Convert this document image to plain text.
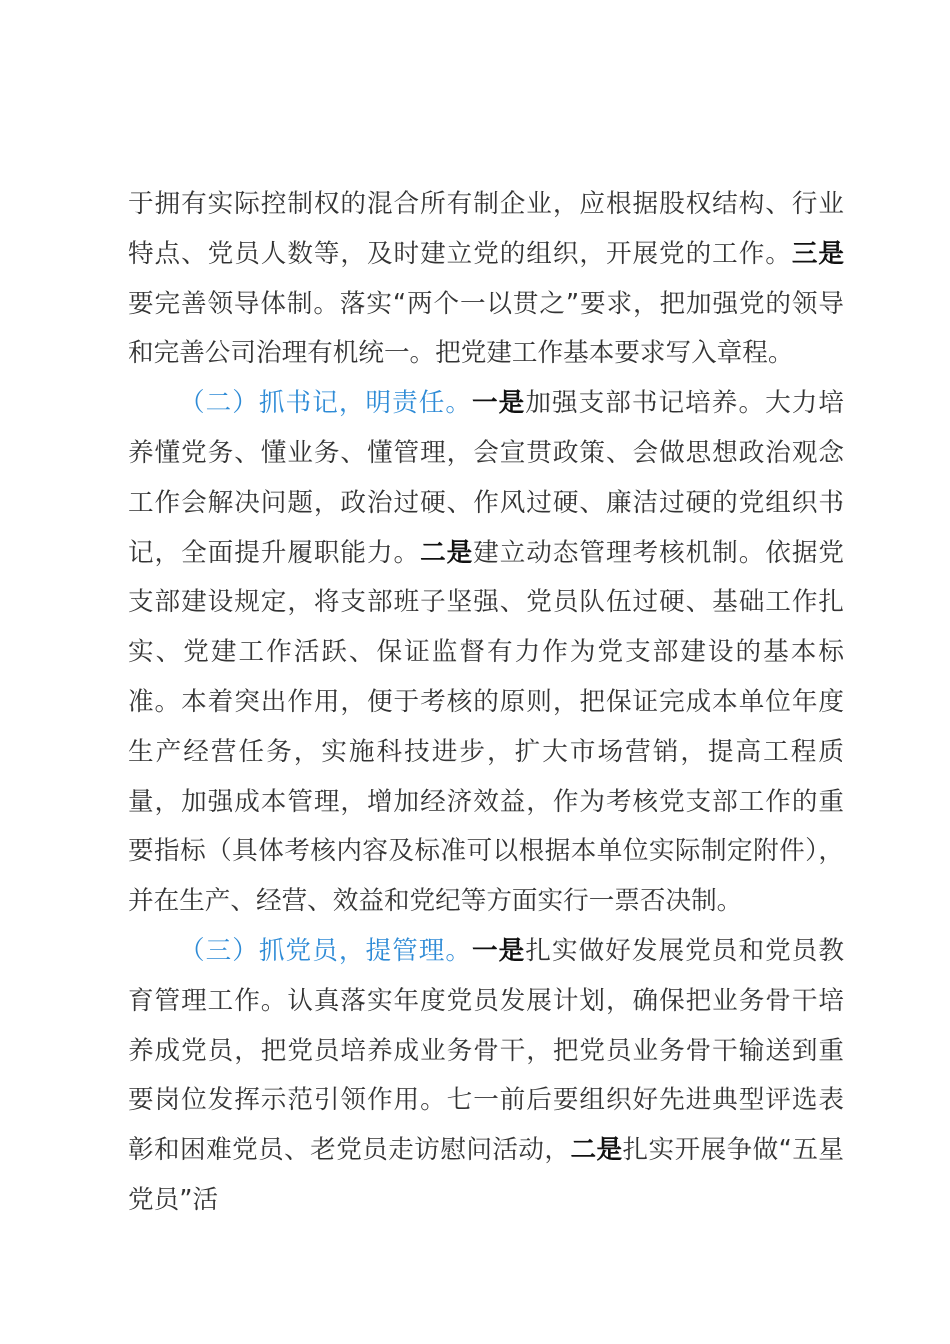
于拥有实际控制权的混合所有制企业，应根据股权结构、行业特点、党员人数等，及时建立党的组织，开展党的工作。三是要完善领导体制。落实“两个一以贯之”要求，把加强党的领导和完善公司治理有机统一。把党建工作基本要求写入章程。

（二）抓书记，明责任。一是加强支部书记培养。大力培养懂党务、懂业务、懂管理，会宣贯政策、会做思想政治观念工作会解决问题，政治过硬、作风过硬、廉洁过硬的党组织书记，全面提升履职能力。二是建立动态管理考核机制。依据党支部建设规定，将支部班子坚强、党员队伍过硬、基础工作扎实、党建工作活跃、保证监督有力作为党支部建设的基本标准。本着突出作用，便于考核的原则，把保证完成本单位年度生产经营任务，实施科技进步，扩大市场营销，提高工程质量，加强成本管理，增加经济效益，作为考核党支部工作的重要指标（具体考核内容及标准可以根据本单位实际制定附件），并在生产、经营、效益和党纪等方面实行一票否决制。

（三）抓党员，提管理。一是扎实做好发展党员和党员教育管理工作。认真落实年度党员发展计划，确保把业务骨干培养成党员，把党员培养成业务骨干，把党员业务骨干输送到重要岗位发挥示范引领作用。七一前后要组织好先进典型评选表彰和困难党员、老党员走访慰问活动，二是扎实开展争做“五星党员”活
